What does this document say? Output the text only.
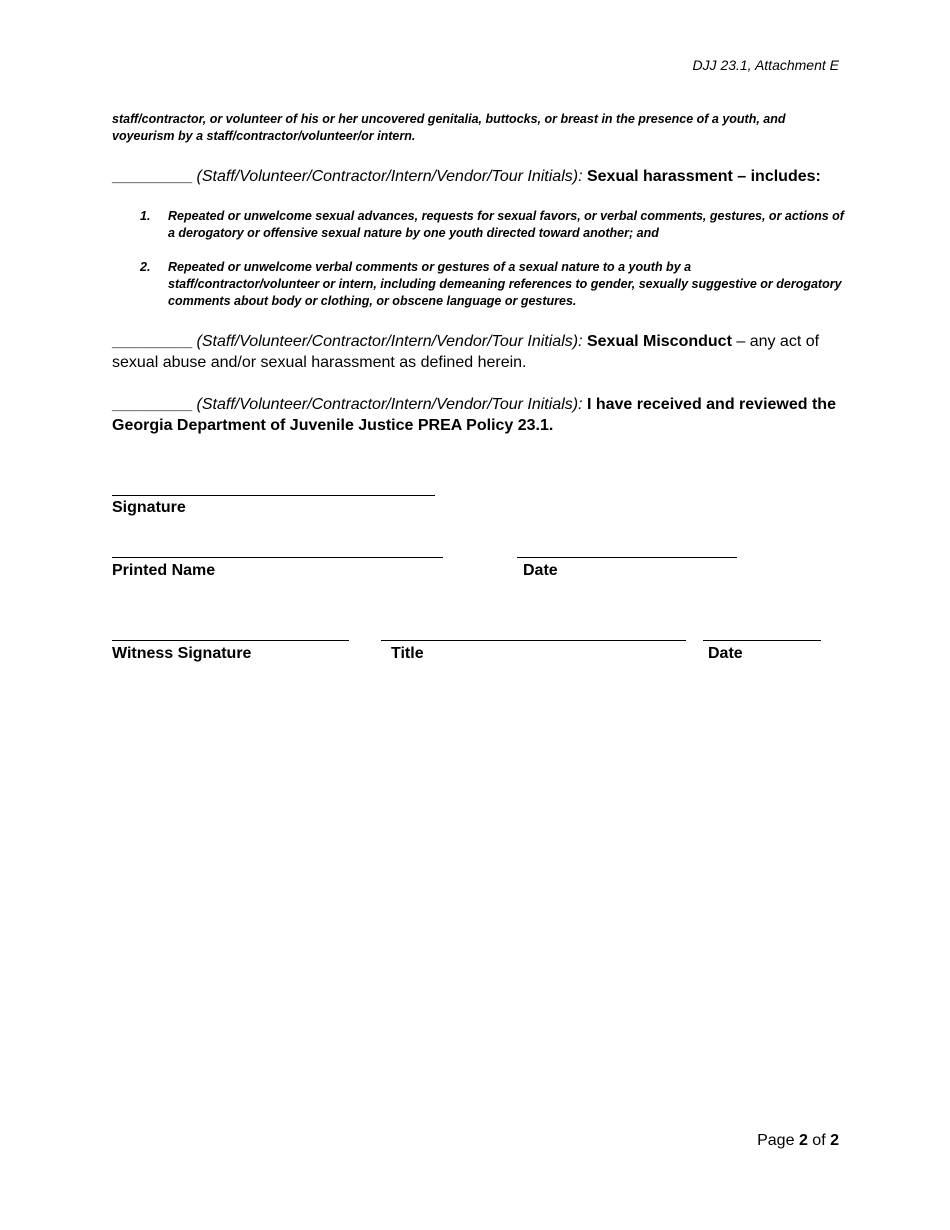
DJJ 23.1, Attachment E
staff/contractor, or volunteer of his or her uncovered genitalia, buttocks, or breast in the presence of a youth, and voyeurism by a staff/contractor/volunteer/or intern.
_________ (Staff/Volunteer/Contractor/Intern/Vendor/Tour Initials): Sexual harassment – includes:
1. Repeated or unwelcome sexual advances, requests for sexual favors, or verbal comments, gestures, or actions of a derogatory or offensive sexual nature by one youth directed toward another; and
2. Repeated or unwelcome verbal comments or gestures of a sexual nature to a youth by a staff/contractor/volunteer or intern, including demeaning references to gender, sexually suggestive or derogatory comments about body or clothing, or obscene language or gestures.
_________ (Staff/Volunteer/Contractor/Intern/Vendor/Tour Initials): Sexual Misconduct – any act of sexual abuse and/or sexual harassment as defined herein.
_________ (Staff/Volunteer/Contractor/Intern/Vendor/Tour Initials): I have received and reviewed the Georgia Department of Juvenile Justice PREA Policy 23.1.
Signature
Printed Name	Date
Witness Signature	Title	Date
Page 2 of 2
